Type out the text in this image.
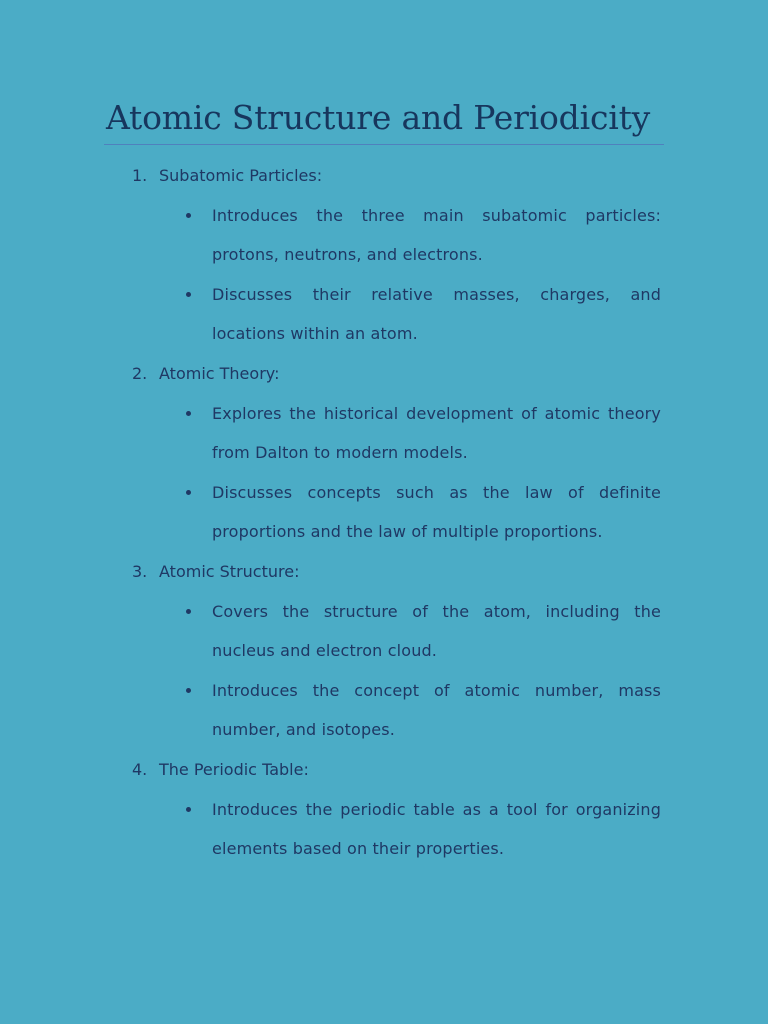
Atomic Structure and Periodicity
1. Subatomic Particles:
Introduces the three main subatomic particles: protons, neutrons, and electrons.
Discusses their relative masses, charges, and locations within an atom.
2. Atomic Theory:
Explores the historical development of atomic theory from Dalton to modern models.
Discusses concepts such as the law of definite proportions and the law of multiple proportions.
3. Atomic Structure:
Covers the structure of the atom, including the nucleus and electron cloud.
Introduces the concept of atomic number, mass number, and isotopes.
4. The Periodic Table:
Introduces the periodic table as a tool for organizing elements based on their properties.
